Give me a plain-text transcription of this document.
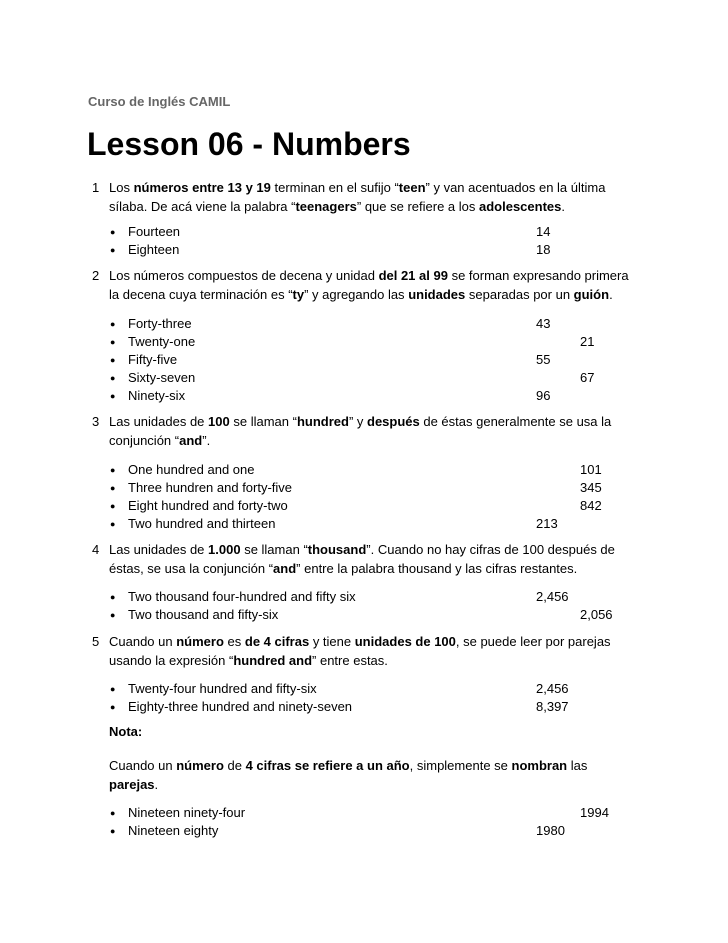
Curso de Inglés CAMIL
Lesson 06 - Numbers
1 Los números entre 13 y 19 terminan en el sufijo “teen” y van acentuados en la última

sílaba. De acá viene la palabra “teenagers” que se refiere a los adolescentes.

● Fourteen	14
● Eighteen	18
2 Los números compuestos de decena y unidad del 21 al 99 se forman expresando primera

la decena cuya terminación es “ty” y agregando las unidades separadas por un guión.

● Forty-three	43
● Twenty-one	21
● Fifty-five	55
● Sixty-seven	67
● Ninety-six	96
3 Las unidades de 100 se llaman “hundred” y después de éstas generalmente se usa la

conjunción “and”.

● One hundred and one	101
● Three hundren and forty-five	345
● Eight hundred and forty-two	842
● Two hundred and thirteen	213
4 Las unidades de 1.000 se llaman “thousand”. Cuando no hay cifras de 100 después de

éstas, se usa la conjunción “and” entre la palabra thousand y las cifras restantes.

● Two thousand four-hundred and fifty six	2,456
● Two thousand and fifty-six	2,056
5 Cuando un número es de 4 cifras y tiene unidades de 100, se puede leer por parejas

usando la expresión “hundred and” entre estas.

● Twenty-four hundred and fifty-six	2,456
● Eighty-three hundred and ninety-seven	8,397
Nota:

Cuando un número de 4 cifras se refiere a un año, simplemente se nombran las

parejas.

● Nineteen ninety-four	1994
● Nineteen eighty	1980
